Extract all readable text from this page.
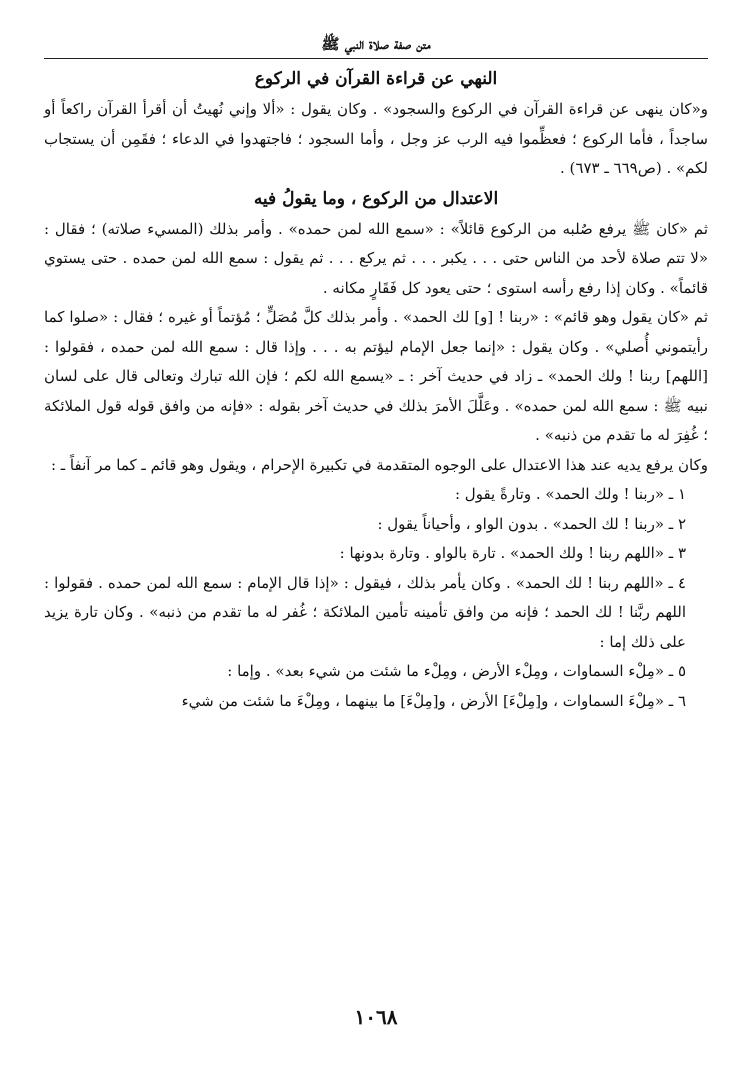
متن صفة صلاة النبي ﷺ

النهي عن قراءة القرآن في الركوع

و«كان ينهى عن قراءة القرآن في الركوع والسجود» . وكان يقول : «ألا وإني نُهيتُ أن أقرأ القرآن راكعاً أو ساجداً ، فأما الركوع ؛ فعظِّموا فيه الرب عز وجل ، وأما السجود ؛ فاجتهدوا في الدعاء ؛ فقَمِن أن يستجاب لكم» . (ص٦٦٩ ـ ٦٧٣) .

الاعتدال من الركوع ، وما يقولُ فيه

ثم «كان ﷺ يرفع صُلبه من الركوع قائلاً» : «سمع الله لمن حمده» . وأمر بذلك (المسيء صلاته) ؛ فقال : «لا تتم صلاة لأحد من الناس حتى . . . يكبر . . . ثم يركع . . . ثم يقول : سمع الله لمن حمده . حتى يستوي قائماً» . وكان إذا رفع رأسه استوى ؛ حتى يعود كل فَقَارٍ مكانه .

ثم «كان يقول وهو قائم» : «ربنا ! [و] لك الحمد» . وأمر بذلك كلَّ مُصَلٍّ ؛ مُؤتماً أو غيره ؛ فقال : «صلوا كما رأيتموني أُصلي» . وكان يقول : «إنما جعل الإمام ليؤتم به . . . وإذا قال : سمع الله لمن حمده ، فقولوا : [اللهم] ربنا ! ولك الحمد» ـ زاد في حديث آخر : ـ «يسمع الله لكم ؛ فإن الله تبارك وتعالى قال على لسان نبيه ﷺ : سمع الله لمن حمده» . وعَلَّلَ الأمرَ بذلك في حديث آخر بقوله : «فإنه من وافق قوله قول الملائكة ؛ غُفِرَ له ما تقدم من ذنبه» .

وكان يرفع يديه عند هذا الاعتدال على الوجوه المتقدمة في تكبيرة الإحرام ، ويقول وهو قائم ـ كما مر آنفاً ـ :

١ ـ «ربنا ! ولك الحمد» . وتارةً يقول :

٢ ـ «ربنا ! لك الحمد» . بدون الواو ، وأحياناً يقول :

٣ ـ «اللهم ربنا ! ولك الحمد» . تارة بالواو . وتارة بدونها :

٤ ـ «اللهم ربنا ! لك الحمد» . وكان يأمر بذلك ، فيقول : «إذا قال الإمام : سمع الله لمن حمده . فقولوا : اللهم ربَّنا ! لك الحمد ؛ فإنه من وافق تأمينه تأمين الملائكة ؛ غُفر له ما تقدم من ذنبه» . وكان تارة يزيد على ذلك إما :

٥ ـ «مِلْء السماوات ، ومِلْء الأرض ، ومِلْء ما شئت من شيء بعد» . وإما :

٦ ـ «مِلْءَ السماوات ، و[مِلْءَ] الأرض ، و[مِلْءَ] ما بينهما ، ومِلْءَ ما شئت من شيء

١٠٦٨
